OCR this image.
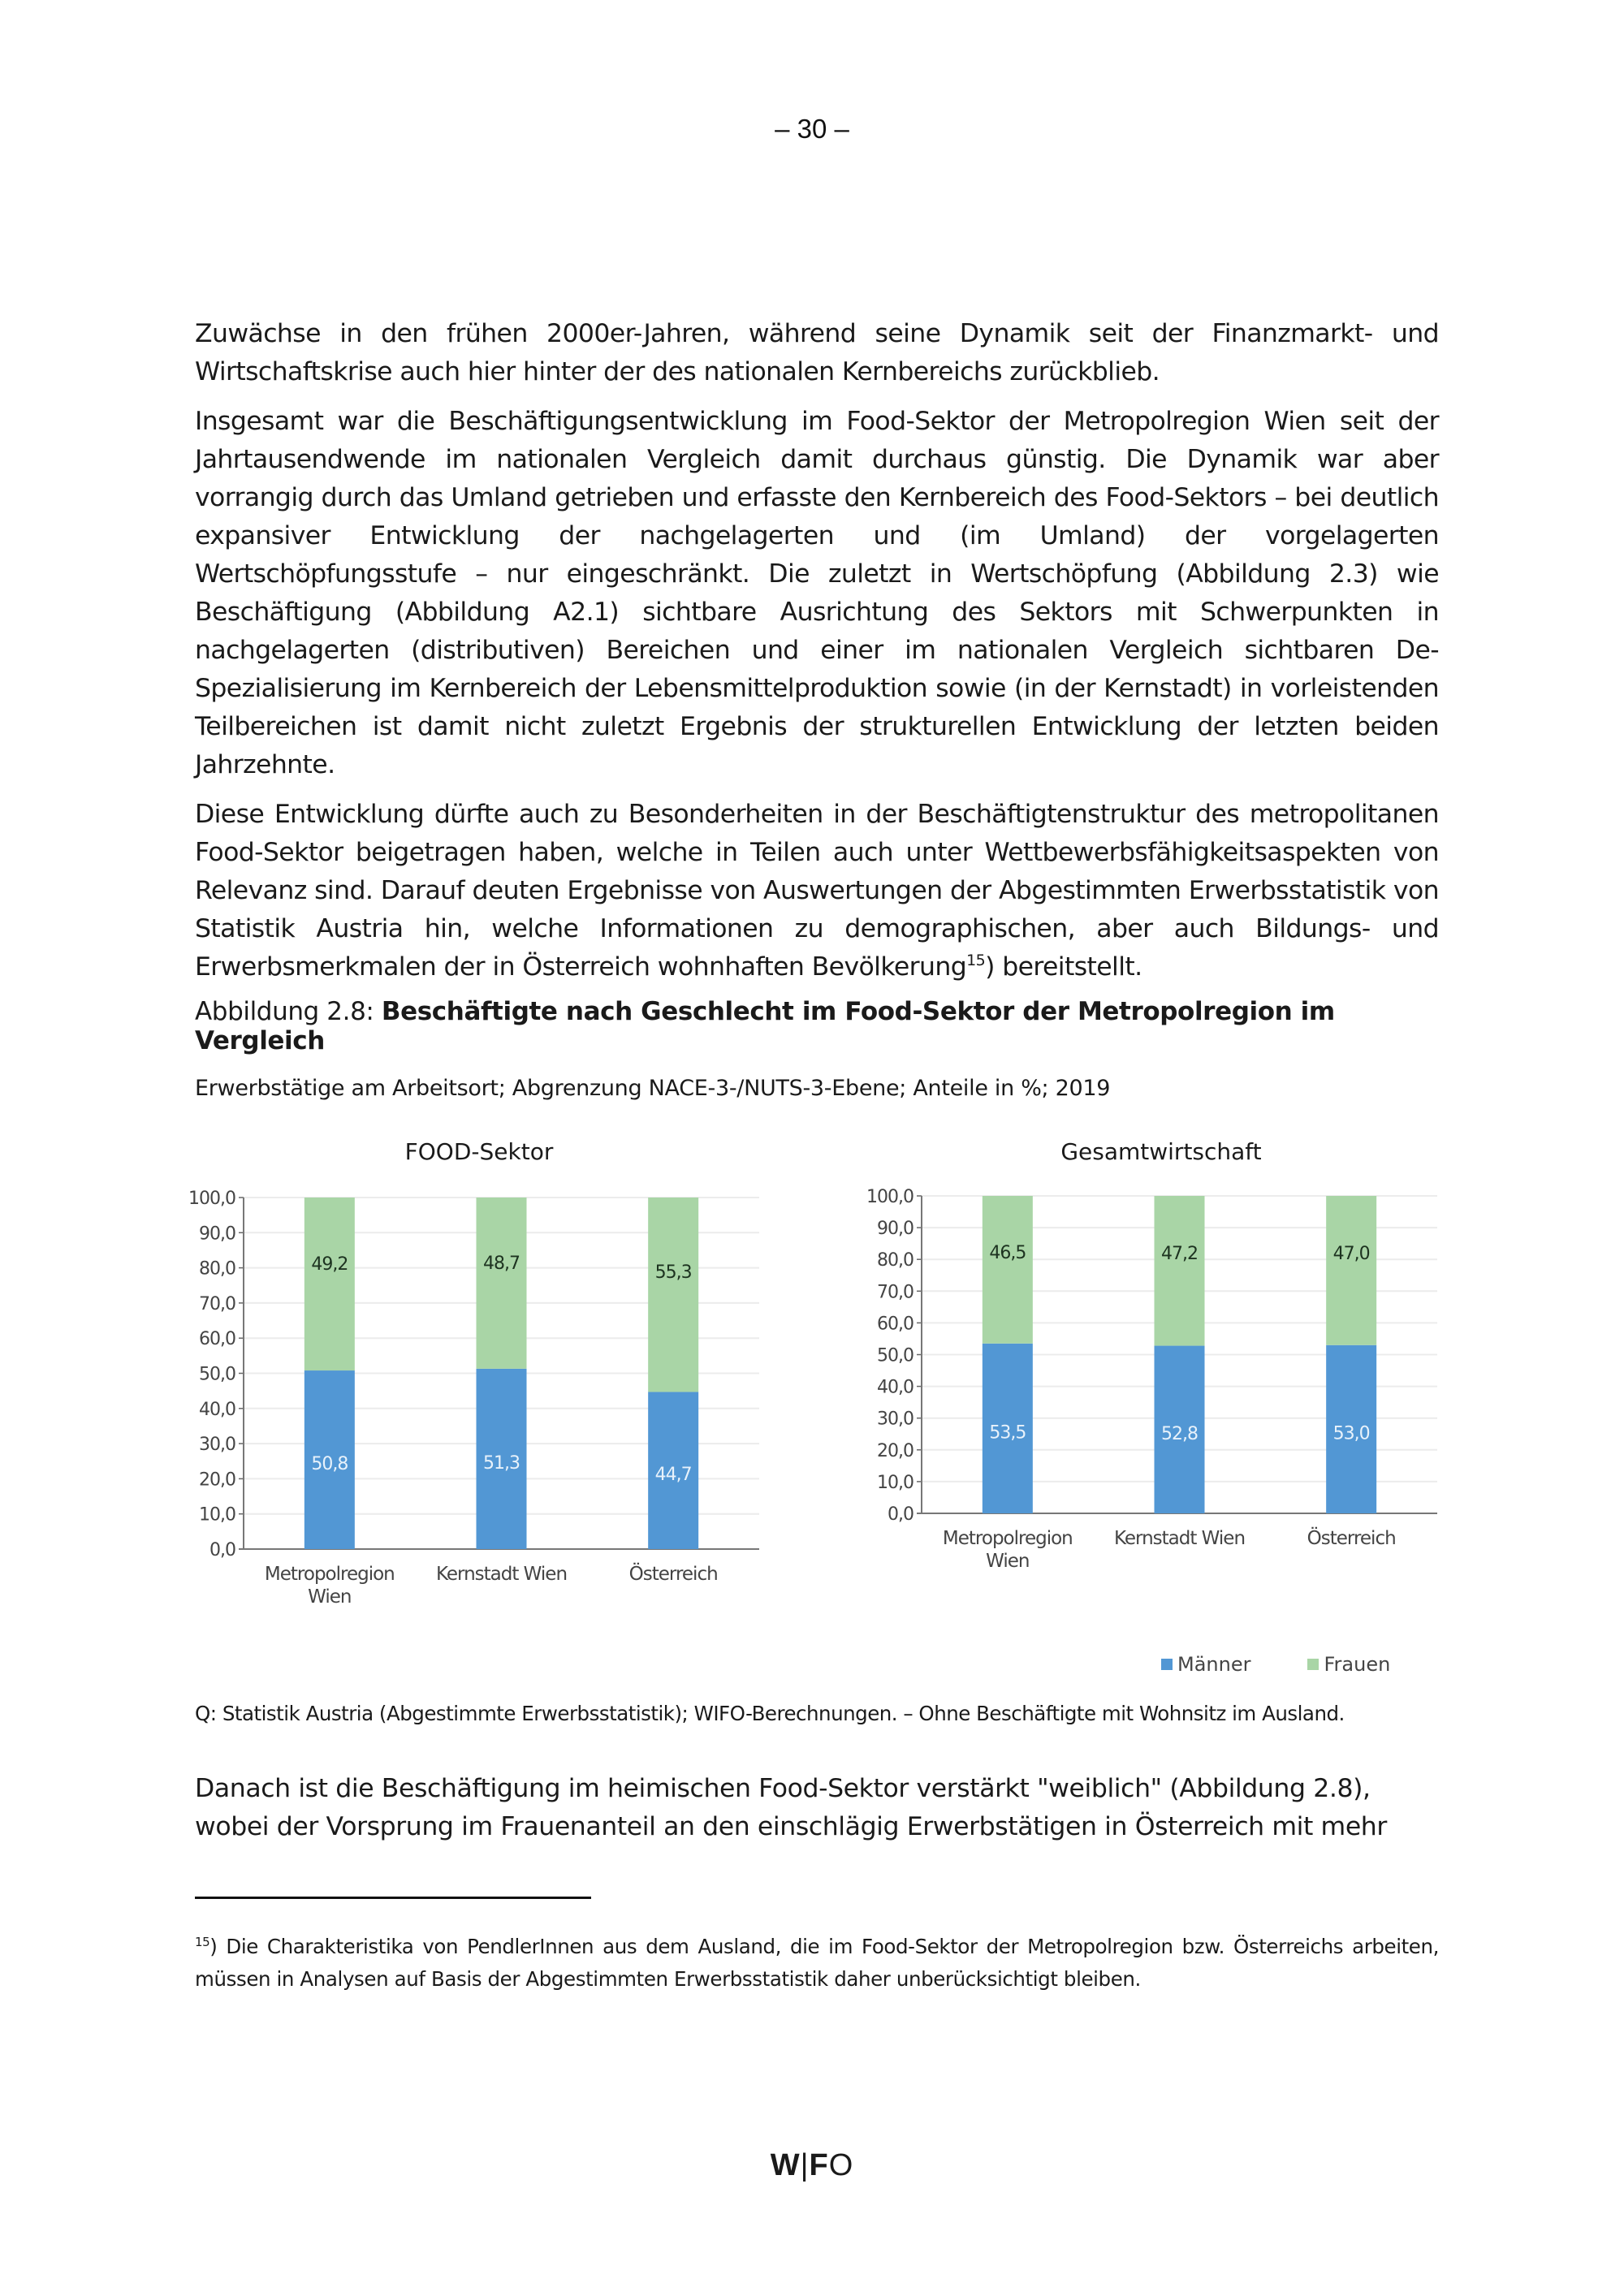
– 30 –

Zuwächse in den frühen 2000er-Jahren, während seine Dynamik seit der Finanzmarkt- und Wirtschaftskrise auch hier hinter der des nationalen Kernbereichs zurückblieb.

Insgesamt war die Beschäftigungsentwicklung im Food-Sektor der Metropolregion Wien seit der Jahrtausendwende im nationalen Vergleich damit durchaus günstig. Die Dynamik war aber vorrangig durch das Umland getrieben und erfasste den Kernbereich des Food-Sektors – bei deutlich expansiver Entwicklung der nachgelagerten und (im Umland) der vorgelagerten Wertschöpfungsstufe – nur eingeschränkt. Die zuletzt in Wertschöpfung (Abbildung 2.3) wie Beschäftigung (Abbildung A2.1) sichtbare Ausrichtung des Sektors mit Schwerpunkten in nachgelagerten (distributiven) Bereichen und einer im nationalen Vergleich sichtbaren De-Spezialisierung im Kernbereich der Lebensmittelproduktion sowie (in der Kernstadt) in vorleistenden Teilbereichen ist damit nicht zuletzt Ergebnis der strukturellen Entwicklung der letzten beiden Jahrzehnte.

Diese Entwicklung dürfte auch zu Besonderheiten in der Beschäftigtenstruktur des metropolitanen Food-Sektor beigetragen haben, welche in Teilen auch unter Wettbewerbsfähigkeitsaspekten von Relevanz sind. Darauf deuten Ergebnisse von Auswertungen der Abgestimmten Erwerbsstatistik von Statistik Austria hin, welche Informationen zu demographischen, aber auch Bildungs- und Erwerbsmerkmalen der in Österreich wohnhaften Bevölkerung$^{15}$) bereitstellt.

Abbildung 2.8: Beschäftigte nach Geschlecht im Food-Sektor der Metropolregion im Vergleich
Erwerbstätige am Arbeitsort; Abgrenzung NACE-3-/NUTS-3-Ebene; Anteile in %; 2019
FOOD-Sektor	Gesamtwirtschaft
0,0
10,0
20,0
30,0
40,0
50,0
60,0
70,0
80,0
90,0
100,0
50,8
49,2
Metropolregion
Wien
51,3
48,7
Kernstadt Wien
44,7
55,3
Österreich
0,0
10,0
20,0
30,0
40,0
50,0
60,0
70,0
80,0
90,0
100,0
53,5
46,5
Metropolregion
Wien
52,8
47,2
Kernstadt Wien
53,0
47,0
Österreich
Männer	Frauen
Q: Statistik Austria (Abgestimmte Erwerbsstatistik); WIFO-Berechnungen. – Ohne Beschäftigte mit Wohnsitz im Ausland.
Danach ist die Beschäftigung im heimischen Food-Sektor verstärkt "weiblich" (Abbildung 2.8), wobei der Vorsprung im Frauenanteil an den einschlägig Erwerbstätigen in Österreich mit mehr
$^{15}$) Die Charakteristika von PendlerInnen aus dem Ausland, die im Food-Sektor der Metropolregion bzw. Österreichs arbeiten, müssen in Analysen auf Basis der Abgestimmten Erwerbsstatistik daher unberücksichtigt bleiben.
W|FO
